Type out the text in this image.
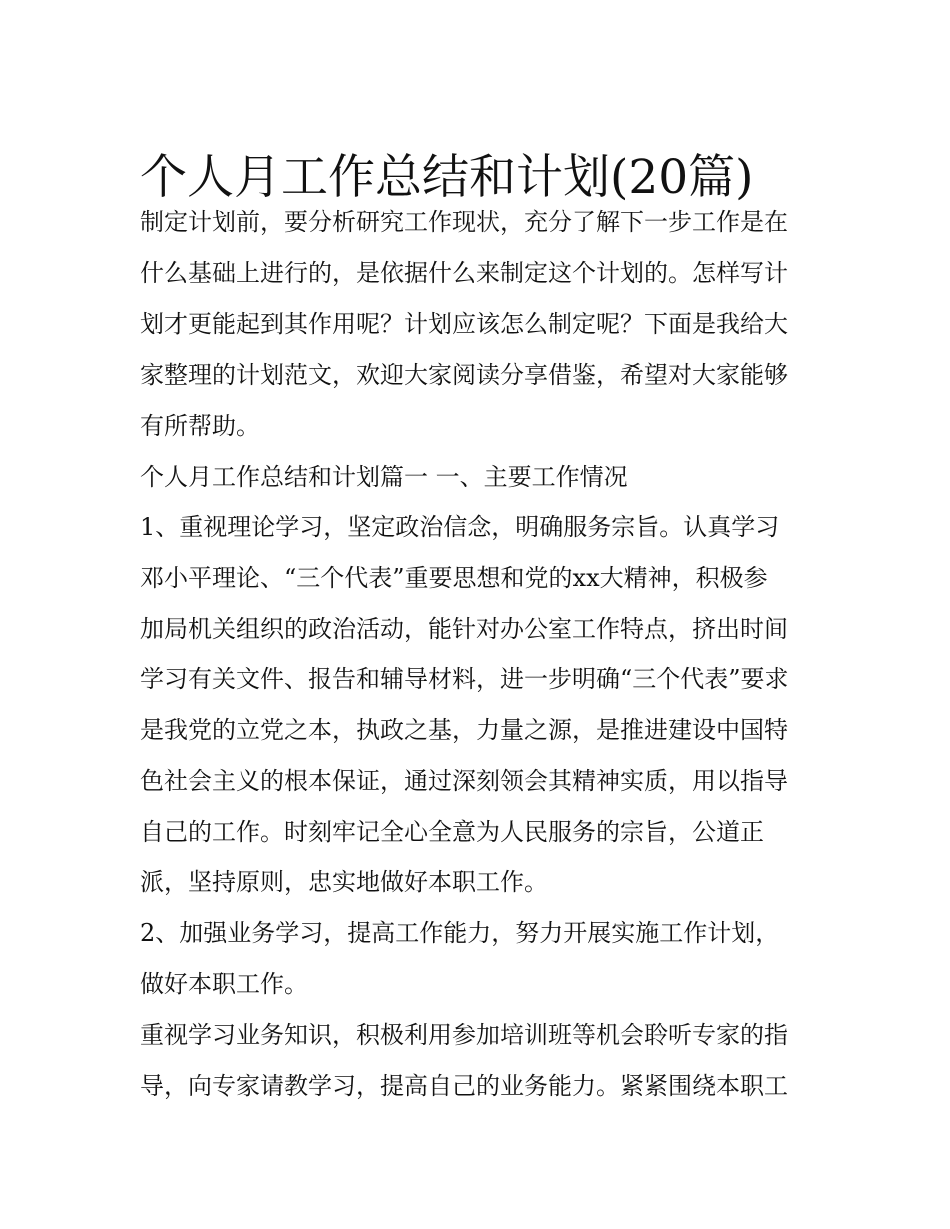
个人月工作总结和计划(20篇)
制定计划前，要分析研究工作现状，充分了解下一步工作是在
什么基础上进行的，是依据什么来制定这个计划的。怎样写计
划才更能起到其作用呢？计划应该怎么制定呢？下面是我给大
家整理的计划范文，欢迎大家阅读分享借鉴，希望对大家能够
有所帮助。
个人月工作总结和计划篇一 一、主要工作情况
1、重视理论学习，坚定政治信念，明确服务宗旨。认真学习
邓小平理论、“三个代表”重要思想和党的xx大精神，积极参
加局机关组织的政治活动，能针对办公室工作特点，挤出时间
学习有关文件、报告和辅导材料，进一步明确“三个代表”要求
是我党的立党之本，执政之基，力量之源，是推进建设中国特
色社会主义的根本保证，通过深刻领会其精神实质，用以指导
自己的工作。时刻牢记全心全意为人民服务的宗旨，公道正
派，坚持原则，忠实地做好本职工作。
2、加强业务学习，提高工作能力，努力开展实施工作计划，
做好本职工作。
重视学习业务知识，积极利用参加培训班等机会聆听专家的指
导，向专家请教学习，提高自己的业务能力。紧紧围绕本职工
